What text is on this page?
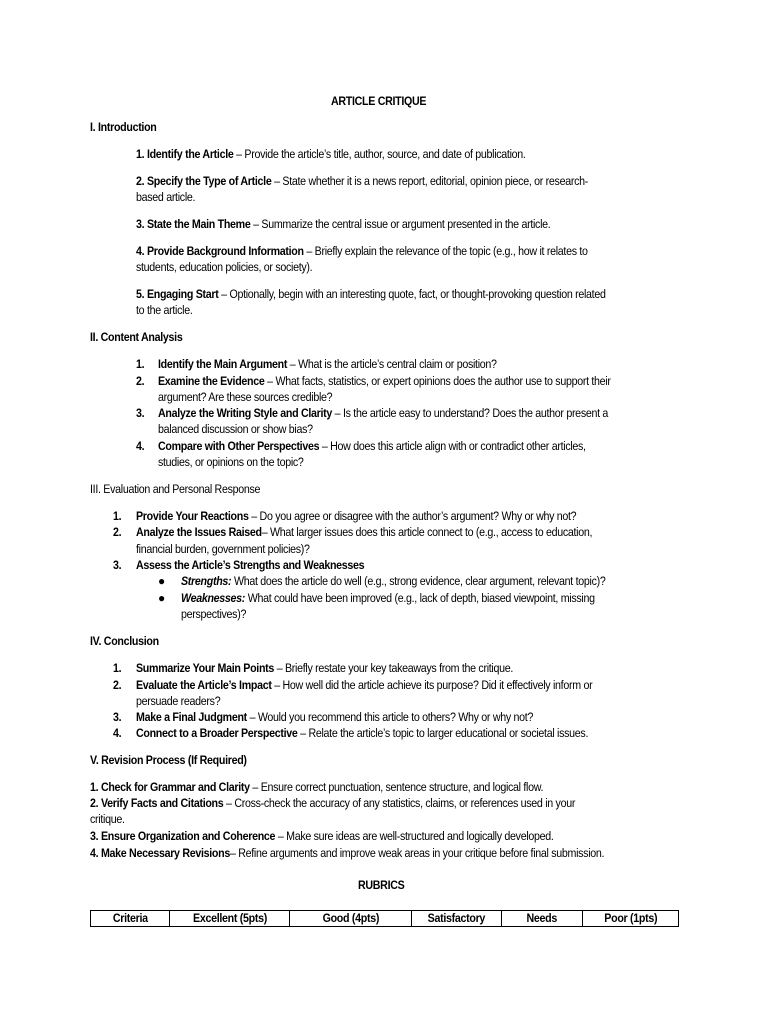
ARTICLE CRITIQUE
I. Introduction
1. Identify the Article – Provide the article’s title, author, source, and date of publication.
2. Specify the Type of Article – State whether it is a news report, editorial, opinion piece, or research-
based article.
3. State the Main Theme – Summarize the central issue or argument presented in the article.
4. Provide Background Information – Briefly explain the relevance of the topic (e.g., how it relates to
students, education policies, or society).
5. Engaging Start – Optionally, begin with an interesting quote, fact, or thought-provoking question related
to the article.
II. Content Analysis
1. Identify the Main Argument – What is the article’s central claim or position?
2. Examine the Evidence – What facts, statistics, or expert opinions does the author use to support their
argument? Are these sources credible?
3. Analyze the Writing Style and Clarity – Is the article easy to understand? Does the author present a
balanced discussion or show bias?
4. Compare with Other Perspectives – How does this article align with or contradict other articles,
studies, or opinions on the topic?
III. Evaluation and Personal Response
1. Provide Your Reactions – Do you agree or disagree with the author’s argument? Why or why not?
2. Analyze the Issues Raised– What larger issues does this article connect to (e.g., access to education,
financial burden, government policies)?
3. Assess the Article’s Strengths and Weaknesses
● Strengths: What does the article do well (e.g., strong evidence, clear argument, relevant topic)?
● Weaknesses: What could have been improved (e.g., lack of depth, biased viewpoint, missing
perspectives)?
IV. Conclusion
1. Summarize Your Main Points – Briefly restate your key takeaways from the critique.
2. Evaluate the Article’s Impact – How well did the article achieve its purpose? Did it effectively inform or
persuade readers?
3. Make a Final Judgment – Would you recommend this article to others? Why or why not?
4. Connect to a Broader Perspective – Relate the article’s topic to larger educational or societal issues.
V. Revision Process (If Required)
1. Check for Grammar and Clarity – Ensure correct punctuation, sentence structure, and logical flow.
2. Verify Facts and Citations – Cross-check the accuracy of any statistics, claims, or references used in your
critique.
3. Ensure Organization and Coherence – Make sure ideas are well-structured and logically developed.
4. Make Necessary Revisions– Refine arguments and improve weak areas in your critique before final submission.
RUBRICS
Criteria	Excellent (5pts)	Good (4pts)	Satisfactory	Needs	Poor (1pts)
